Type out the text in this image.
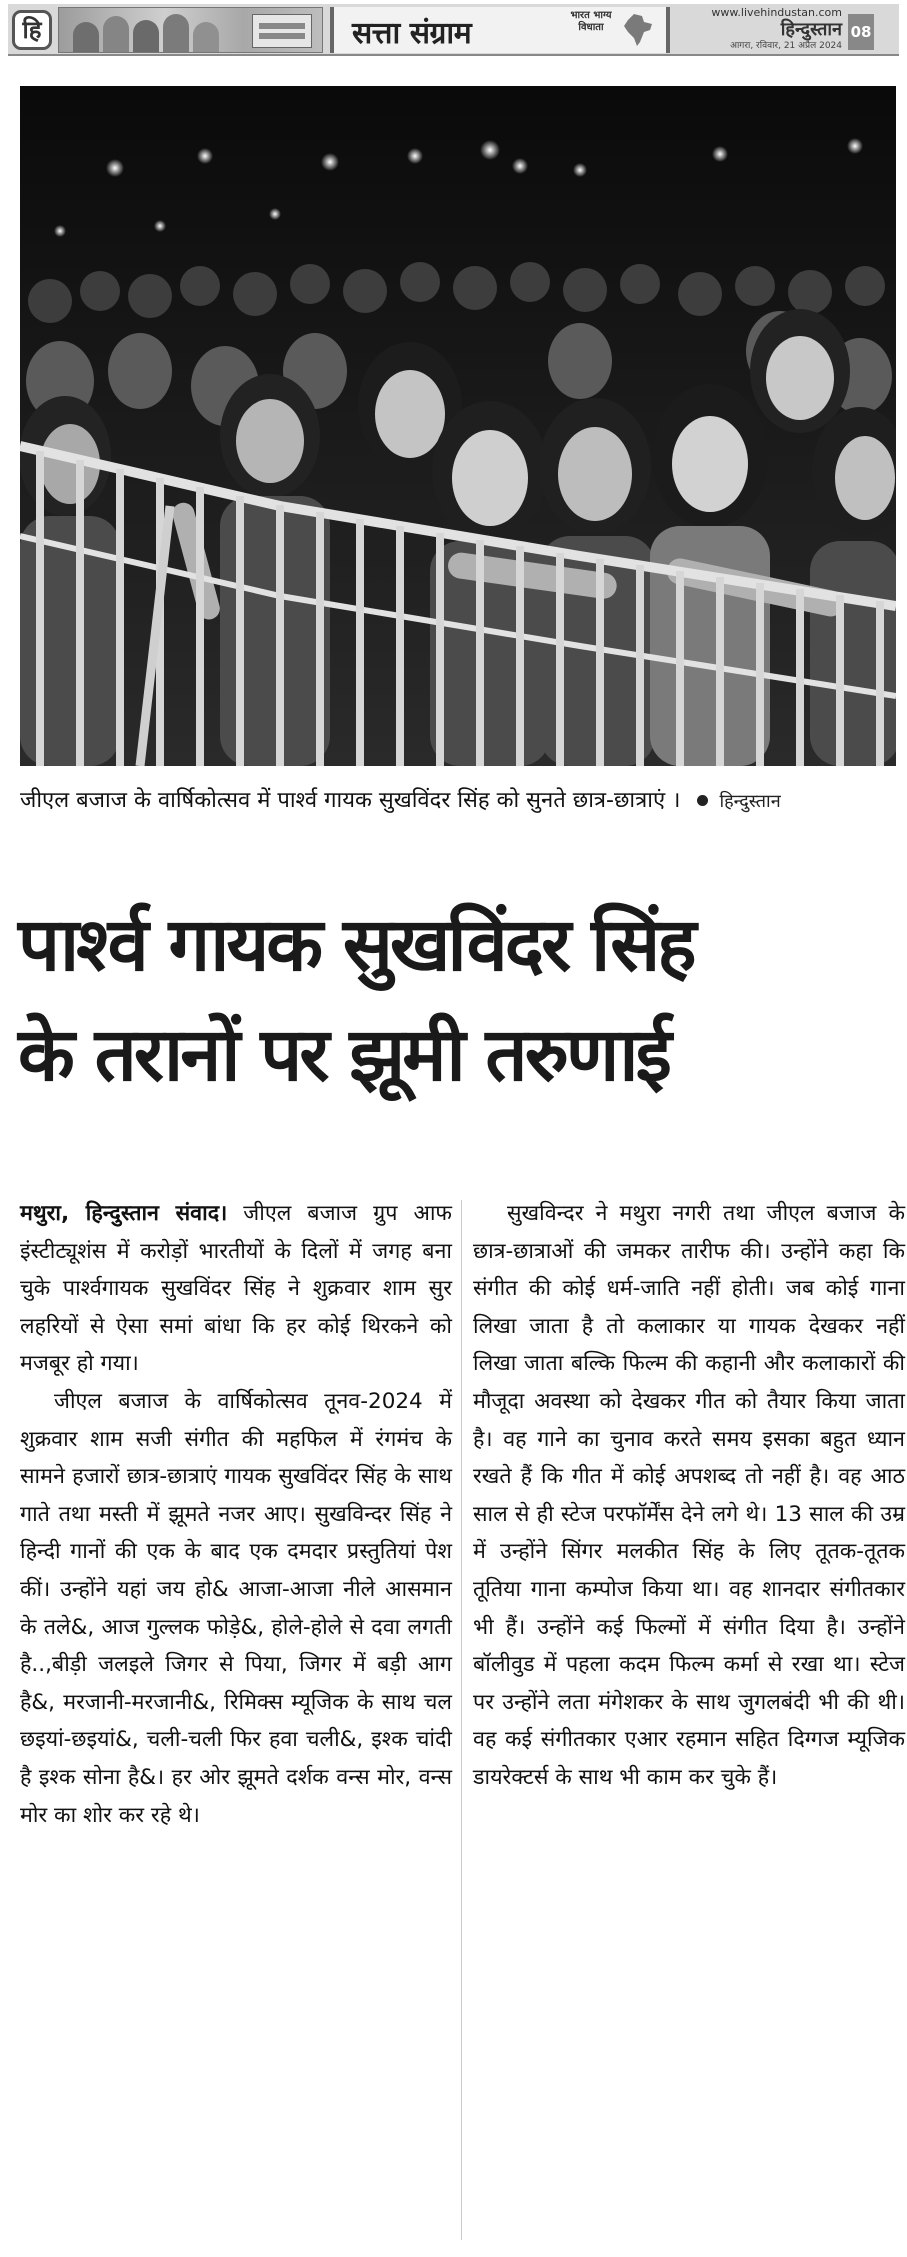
हि	सत्ता संग्राम
भारत भाग्य विधाता
www.livehindustan.com
हिन्दुस्तान
आगरा, रविवार, 21 अप्रैल 2024
08
जीएल बजाज के वार्षिकोत्सव में पार्श्व गायक सुखविंदर सिंह को सुनते छात्र-छात्राएं । हिन्दुस्तान
पार्श्व गायक सुखविंदर सिंह
के तरानों पर झूमी तरुणाई

मथुरा, हिन्दुस्तान संवाद। जीएल बजाज ग्रुप आफ इंस्टीट्यूशंस में करोड़ों भारतीयों के दिलों में जगह बना चुके पार्श्वगायक सुखविंदर सिंह ने शुक्रवार शाम सुर लहरियों से ऐसा समां बांधा कि हर कोई थिरकने को मजबूर हो गया।

जीएल बजाज के वार्षिकोत्सव तूनव-2024 में शुक्रवार शाम सजी संगीत की महफिल में रंगमंच के सामने हजारों छात्र-छात्राएं गायक सुखविंदर सिंह के साथ गाते तथा मस्ती में झूमते नजर आए। सुखविन्दर सिंह ने हिन्दी गानों की एक के बाद एक दमदार प्रस्तुतियां पेश कीं। उन्होंने यहां जय हो& आजा-आजा नीले आसमान के तले&, आज गुल्लक फोड़े&, होले-होले से दवा लगती है..,बीड़ी जलइले जिगर से पिया, जिगर में बड़ी आग है&, मरजानी-मरजानी&, रिमिक्स म्यूजिक के साथ चल छइयां-छइयां&, चली-चली फिर हवा चली&, इश्क चांदी है इश्क सोना है&। हर ओर झूमते दर्शक वन्स मोर, वन्स मोर का शोर कर रहे थे।

सुखविन्दर ने मथुरा नगरी तथा जीएल बजाज के छात्र-छात्राओं की जमकर तारीफ की। उन्होंने कहा कि संगीत की कोई धर्म-जाति नहीं होती। जब कोई गाना लिखा जाता है तो कलाकार या गायक देखकर नहीं लिखा जाता बल्कि फिल्म की कहानी और कलाकारों की मौजूदा अवस्था को देखकर गीत को तैयार किया जाता है। वह गाने का चुनाव करते समय इसका बहुत ध्यान रखते हैं कि गीत में कोई अपशब्द तो नहीं है। वह आठ साल से ही स्टेज परफॉर्मेंस देने लगे थे। 13 साल की उम्र में उन्होंने सिंगर मलकीत सिंह के लिए तूतक-तूतक तूतिया गाना कम्पोज किया था। वह शानदार संगीतकार भी हैं। उन्होंने कई फिल्मों में संगीत दिया है। उन्होंने बॉलीवुड में पहला कदम फिल्म कर्मा से रखा था। स्टेज पर उन्होंने लता मंगेशकर के साथ जुगलबंदी भी की थी। वह कई संगीतकार एआर रहमान सहित दिग्गज म्यूजिक डायरेक्टर्स के साथ भी काम कर चुके हैं।
